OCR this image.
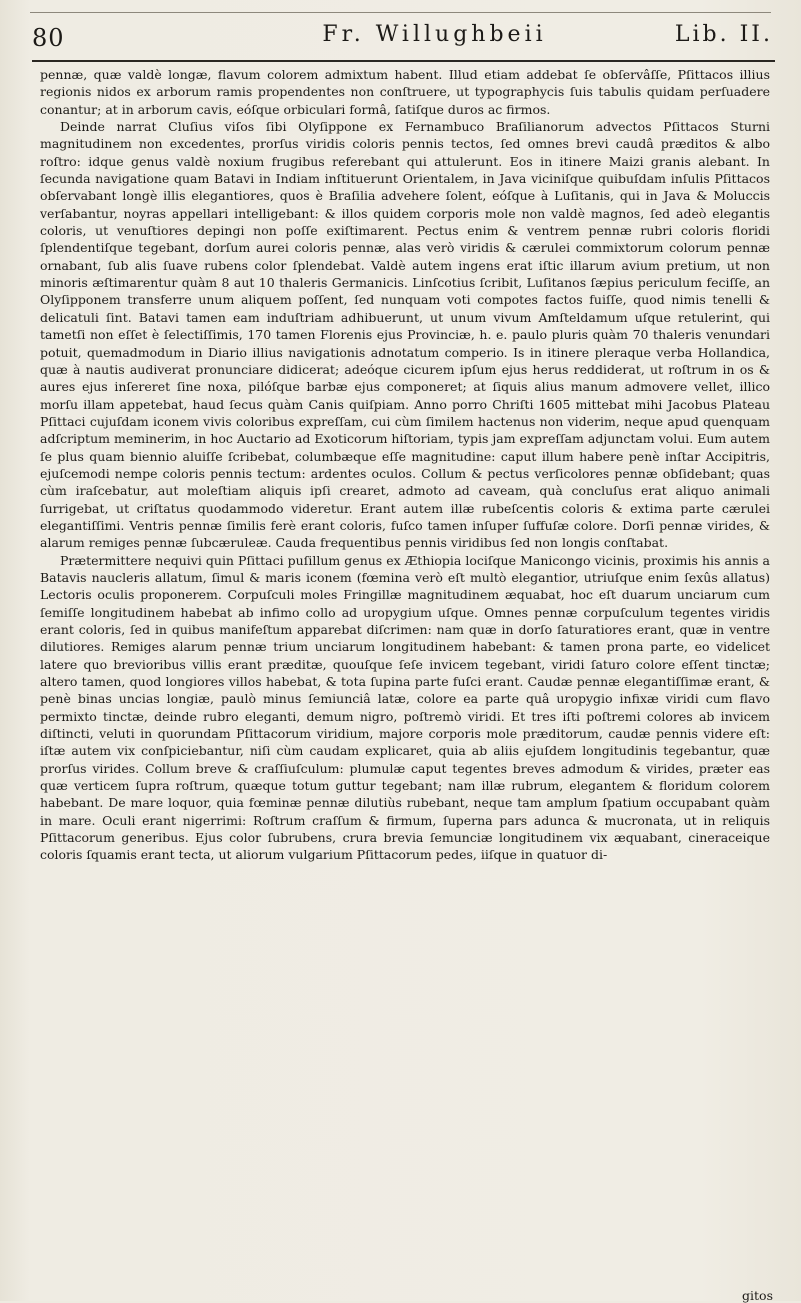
80	Fr. Willughbeii	Lib. II.

pennæ, quæ valdè longæ, flavum colorem admixtum habent. Illud etiam addebat ſe obſervâſſe, Pſittacos illius regionis nidos ex arborum ramis propendentes non conſtruere, ut typographycis ſuis tabulis quidam perſuadere conantur; at in arborum cavis, eóſque orbiculari formâ, ſatiſque duros ac firmos.

Deinde narrat Cluſius viſos ſibi Olyſippone ex Fernambuco Braſilianorum advectos Pſittacos Sturni magnitudinem non excedentes, prorſus viridis coloris pennis tectos, ſed omnes brevi caudâ præditos & albo roſtro: idque genus valdè noxium frugibus referebant qui attulerunt. Eos in itinere Maizi granis alebant. In ſecunda navigatione quam Batavi in Indiam inſtituerunt Orientalem, in Java viciniſque quibuſdam inſulis Pſittacos obſervabant longè illis elegantiores, quos è Braſilia advehere ſolent, eóſque à Luſitanis, qui in Java & Moluccis verſabantur, noyras appellari intelligebant: & illos quidem corporis mole non valdè magnos, ſed adeò elegantis coloris, ut venuſtiores depingi non poſſe exiſtimarent. Pectus enim & ventrem pennæ rubri coloris floridi ſplendentiſque tegebant, dorſum aurei coloris pennæ, alas verò viridis & cærulei commixtorum colorum pennæ ornabant, ſub alis ſuave rubens color ſplendebat. Valdè autem ingens erat iſtic illarum avium pretium, ut non minoris æſtimarentur quàm 8 aut 10 thaleris Germanicis. Linſcotius ſcribit, Luſitanos ſæpius periculum feciſſe, an Olyſipponem transferre unum aliquem poſſent, ſed nunquam voti compotes factos fuiſſe, quod nimis tenelli & delicatuli ſint. Batavi tamen eam induſtriam adhibuerunt, ut unum vivum Amſteldamum uſque retulerint, qui tametſi non eſſet è ſelectiſſimis, 170 tamen Florenis ejus Provinciæ, h. e. paulo pluris quàm 70 thaleris venundari potuit, quemadmodum in Diario illius navigationis adnotatum comperio. Is in itinere pleraque verba Hollandica, quæ à nautis audiverat pronunciare didicerat; adeóque cicurem ipſum ejus herus reddiderat, ut roſtrum in os & aures ejus inſereret ſine noxa, pilóſque barbæ ejus componeret; at ſiquis alius manum admovere vellet, illico morſu illam appetebat, haud ſecus quàm Canis quiſpiam. Anno porro Chriſti 1605 mittebat mihi Jacobus Plateau Pſittaci cujuſdam iconem vivis coloribus expreſſam, cui cùm ſimilem hactenus non viderim, neque apud quenquam adſcriptum meminerim, in hoc Auctario ad Exoticorum hiſtoriam, typis jam expreſſam adjunctam volui. Eum autem ſe plus quam biennio aluiſſe ſcribebat, columbæque eſſe magnitudine: caput illum habere penè inſtar Accipitris, ejuſcemodi nempe coloris pennis tectum: ardentes oculos. Collum & pectus verſicolores pennæ obſidebant; quas cùm iraſcebatur, aut moleſtiam aliquis ipſi crearet, admoto ad caveam, quà concluſus erat aliquo animali ſurrigebat, ut criſtatus quodammodo videretur. Erant autem illæ rubeſcentis coloris & extima parte cærulei elegantiſſimi. Ventris pennæ ſimilis ferè erant coloris, fuſco tamen inſuper ſuffuſæ colore. Dorſi pennæ virides, & alarum remiges pennæ ſubcæruleæ. Cauda frequentibus pennis viridibus ſed non longis conſtabat.

Prætermittere nequivi quin Pſittaci puſillum genus ex Æthiopia lociſque Manicongo vicinis, proximis his annis a Batavis naucleris allatum, ſimul & maris iconem (fœmina verò eſt multò elegantior, utriuſque enim ſexûs allatus) Lectoris oculis proponerem. Corpuſculi moles Fringillæ magnitudinem æquabat, hoc eſt duarum unciarum cum ſemiſſe longitudinem habebat ab infimo collo ad uropygium uſque. Omnes pennæ corpuſculum tegentes viridis erant coloris, ſed in quibus manifeſtum apparebat diſcrimen: nam quæ in dorſo ſaturatiores erant, quæ in ventre dilutiores. Remiges alarum pennæ trium unciarum longitudinem habebant: & tamen prona parte, eo videlicet latere quo brevioribus villis erant præditæ, quouſque ſeſe invicem tegebant, viridi ſaturo colore eſſent tinctæ; altero tamen, quod longiores villos habebat, & tota ſupina parte fuſci erant. Caudæ pennæ elegantiſſimæ erant, & penè binas uncias longiæ, paulò minus ſemiunciâ latæ, colore ea parte quâ uropygio infixæ viridi cum flavo permixto tinctæ, deinde rubro eleganti, demum nigro, poſtremò viridi. Et tres iſti poſtremi colores ab invicem diſtincti, veluti in quorundam Pſittacorum viridium, majore corporis mole præditorum, caudæ pennis videre eſt: iſtæ autem vix conſpiciebantur, niſi cùm caudam explicaret, quia ab aliis ejuſdem longitudinis tegebantur, quæ prorſus virides. Collum breve & craſſiuſculum: plumulæ caput tegentes breves admodum & virides, præter eas quæ verticem ſupra roſtrum, quæque totum guttur tegebant; nam illæ rubrum, elegantem & floridum colorem habebant. De mare loquor, quia fœminæ pennæ dilutiùs rubebant, neque tam amplum ſpatium occupabant quàm in mare. Oculi erant nigerrimi: Roſtrum craſſum & firmum, ſuperna pars adunca & mucronata, ut in reliquis Pſittacorum generibus. Ejus color ſubrubens, crura brevia ſemunciæ longitudinem vix æquabant, cineraceique coloris ſquamis erant tecta, ut aliorum vulgarium Pſittacorum pedes, iiſque in quatuor di-

gitos
